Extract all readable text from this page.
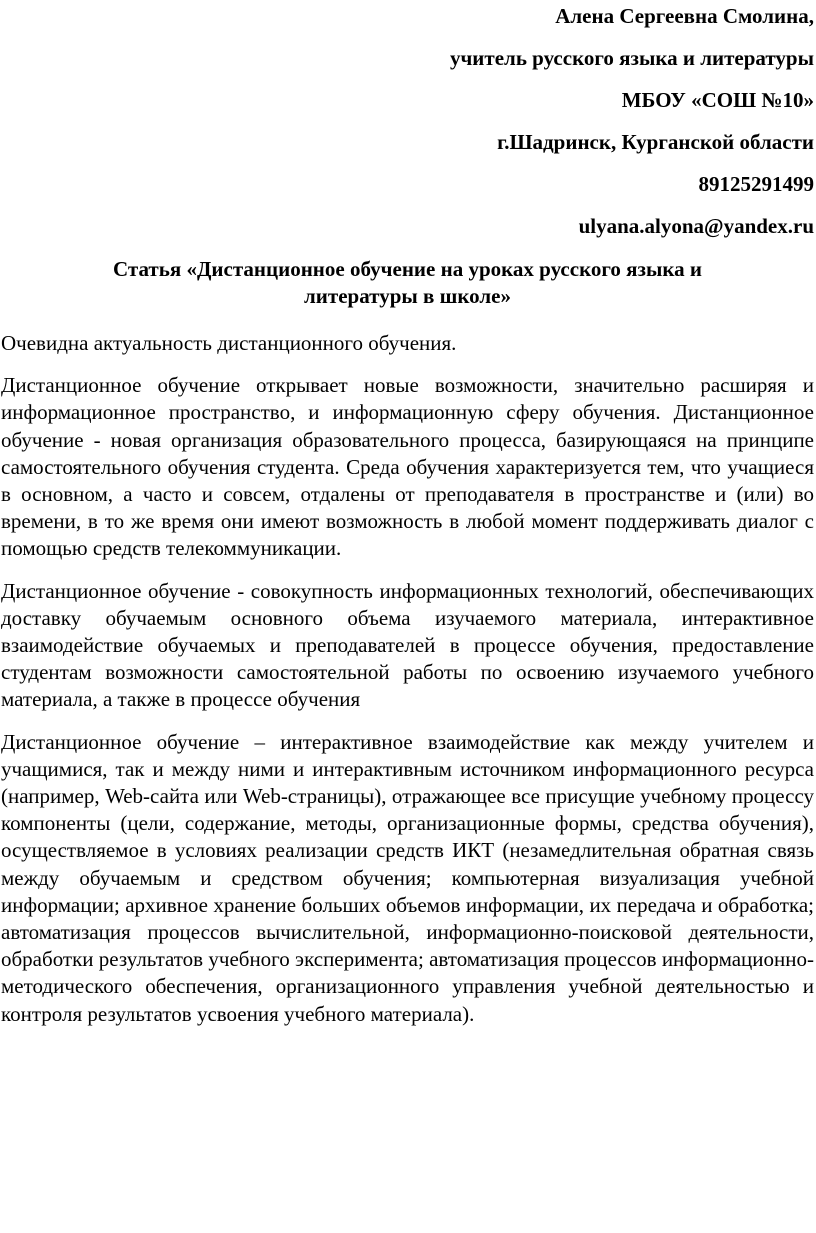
Алена Сергеевна Смолина,

учитель русского языка и литературы

МБОУ «СОШ №10»

г.Шадринск, Курганской области

89125291499

ulyana.alyona@yandex.ru

Статья «Дистанционное обучение на уроках русского языка и
литературы в школе»

Очевидна актуальность дистанционного обучения.

Дистанционное обучение открывает новые возможности, значительно расширяя и информационное пространство, и информационную сферу обучения. Дистанционное обучение - новая организация образовательного процесса, базирующаяся на принципе самостоятельного обучения студента. Среда обучения характеризуется тем, что учащиеся в основном, а часто и совсем, отдалены от преподавателя в пространстве и (или) во времени, в то же время они имеют возможность в любой момент поддерживать диалог с помощью средств телекоммуникации.

Дистанционное обучение - совокупность информационных технологий, обеспечивающих доставку обучаемым основного объема изучаемого материала, интерактивное взаимодействие обучаемых и преподавателей в процессе обучения, предоставление студентам возможности самостоятельной работы по освоению изучаемого учебного материала, а также в процессе обучения

Дистанционное обучение – интерактивное взаимодействие как между учителем и учащимися, так и между ними и интерактивным источником информационного ресурса (например, Web-сайта или Web-страницы), отражающее все присущие учебному процессу компоненты (цели, содержание, методы, организационные формы, средства обучения), осуществляемое в условиях реализации средств ИКТ (незамедлительная обратная связь между обучаемым и средством обучения; компьютерная визуализация учебной информации; архивное хранение больших объемов информации, их передача и обработка; автоматизация процессов вычислительной, информационно-поисковой деятельности, обработки результатов учебного эксперимента; автоматизация процессов информационно-методического обеспечения, организационного управления учебной деятельностью и контроля результатов усвоения учебного материала).
